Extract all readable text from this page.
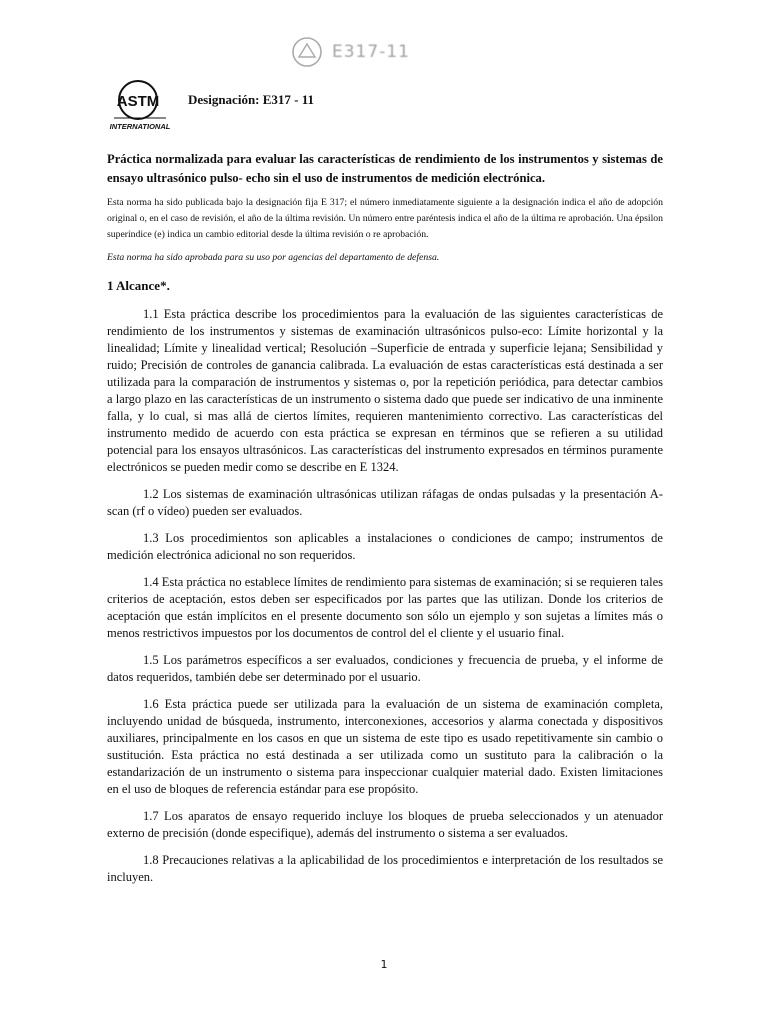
E317-11
ASTM
INTERNATIONAL
Designación: E317 - 11
Práctica normalizada para evaluar las características de rendimiento de los instrumentos y sistemas de ensayo ultrasónico pulso- echo sin el uso de instrumentos de medición electrónica.
Esta norma ha sido publicada bajo la designación fija E 317; el número inmediatamente siguiente a la designación indica el año de adopción original o, en el caso de revisión, el año de la última revisión. Un número entre paréntesis indica el año de la última re aprobación. Una épsilon superíndice (e) indica un cambio editorial desde la última revisión o re aprobación.
Esta norma ha sido aprobada para su uso por agencias del departamento de defensa.
1 Alcance*.

1.1 Esta práctica describe los procedimientos para la evaluación de las siguientes características de rendimiento de los instrumentos y sistemas de examinación ultrasónicos pulso-eco: Límite horizontal y la linealidad; Límite y linealidad vertical; Resolución –Superficie de entrada y superficie lejana; Sensibilidad y ruido; Precisión de controles de ganancia calibrada. La evaluación de estas características está destinada a ser utilizada para la comparación de instrumentos y sistemas o, por la repetición periódica, para detectar cambios a largo plazo en las características de un instrumento o sistema dado que puede ser indicativo de una inminente falla, y lo cual, si mas allá de ciertos límites, requieren mantenimiento correctivo. Las características del instrumento medido de acuerdo con esta práctica se expresan en términos que se refieren a su utilidad potencial para los ensayos ultrasónicos. Las características del instrumento expresados en términos puramente electrónicos se pueden medir como se describe en E 1324.

1.2 Los sistemas de examinación ultrasónicas utilizan ráfagas de ondas pulsadas y la presentación A-scan (rf o vídeo) pueden ser evaluados.

1.3 Los procedimientos son aplicables a instalaciones o condiciones de campo; instrumentos de medición electrónica adicional no son requeridos.

1.4 Esta práctica no establece límites de rendimiento para sistemas de examinación; si se requieren tales criterios de aceptación, estos deben ser especificados por las partes que las utilizan. Donde los criterios de aceptación que están implícitos en el presente documento son sólo un ejemplo y son sujetas a límites más o menos restrictivos impuestos por los documentos de control del el cliente y el usuario final.

1.5 Los parámetros específicos a ser evaluados, condiciones y frecuencia de prueba, y el informe de datos requeridos, también debe ser determinado por el usuario.

1.6 Esta práctica puede ser utilizada para la evaluación de un sistema de examinación completa, incluyendo unidad de búsqueda, instrumento, interconexiones, accesorios y alarma conectada y dispositivos auxiliares, principalmente en los casos en que un sistema de este tipo es usado repetitivamente sin cambio o sustitución. Esta práctica no está destinada a ser utilizada como un sustituto para la calibración o la estandarización de un instrumento o sistema para inspeccionar cualquier material dado. Existen limitaciones en el uso de bloques de referencia estándar para ese propósito.

1.7 Los aparatos de ensayo requerido incluye los bloques de prueba seleccionados y un atenuador externo de precisión (donde especifique), además del instrumento o sistema a ser evaluados.

1.8 Precauciones relativas a la aplicabilidad de los procedimientos e interpretación de los resultados se incluyen.

1
